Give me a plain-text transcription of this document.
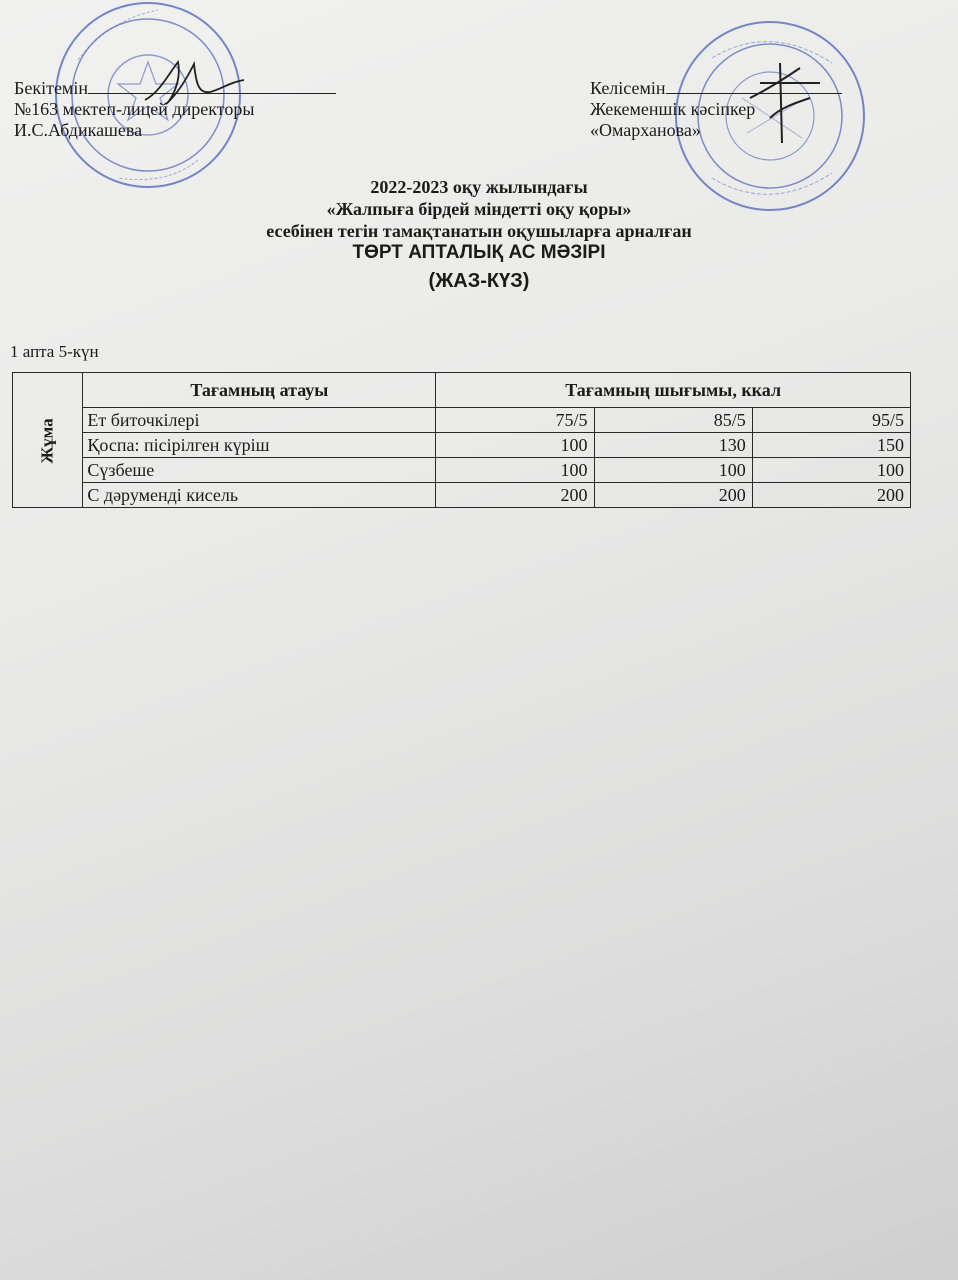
Бекітемін
№163 мектеп-лицей директоры
И.С.Абдикашева
Келісемін
Жекеменшік кәсіпкер
«Омарханова»
2022-2023 оқу жылындағы
«Жалпыға бірдей міндетті оқу қоры»
есебінен тегін тамақтанатын оқушыларға арналған
ТӨРТ АПТАЛЫҚ АС МӘЗІРІ
(ЖАЗ-КҮЗ)
1 апта 5-күн
Жұма	Тағамның атауы	Тағамның шығымы, ккал		
	Ет биточкілері	75/5	85/5	95/5
	Қоспа: пісірілген күріш	100	130	150
	Сүзбеше	100	100	100
	С дәруменді кисель	200	200	200
